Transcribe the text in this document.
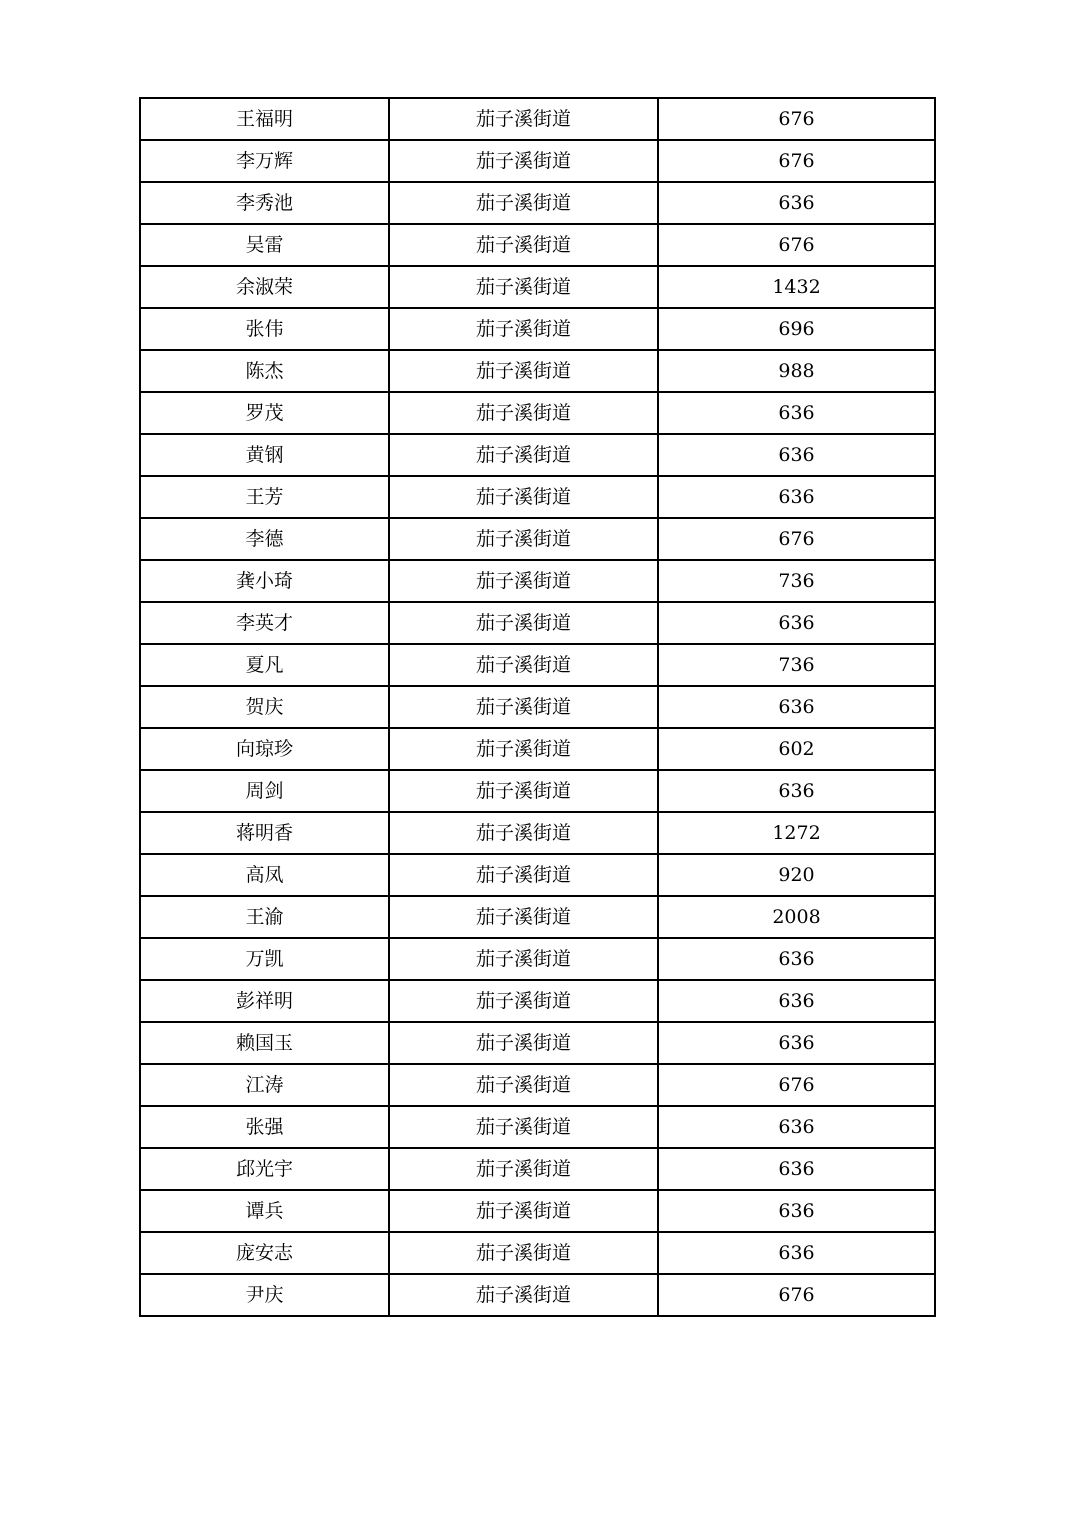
王福明	茄子溪街道	676
李万辉	茄子溪街道	676
李秀池	茄子溪街道	636
吴雷	茄子溪街道	676
余淑荣	茄子溪街道	1432
张伟	茄子溪街道	696
陈杰	茄子溪街道	988
罗茂	茄子溪街道	636
黄钢	茄子溪街道	636
王芳	茄子溪街道	636
李德	茄子溪街道	676
龚小琦	茄子溪街道	736
李英才	茄子溪街道	636
夏凡	茄子溪街道	736
贺庆	茄子溪街道	636
向琼珍	茄子溪街道	602
周剑	茄子溪街道	636
蒋明香	茄子溪街道	1272
高凤	茄子溪街道	920
王渝	茄子溪街道	2008
万凯	茄子溪街道	636
彭祥明	茄子溪街道	636
赖国玉	茄子溪街道	636
江涛	茄子溪街道	676
张强	茄子溪街道	636
邱光宇	茄子溪街道	636
谭兵	茄子溪街道	636
庞安志	茄子溪街道	636
尹庆	茄子溪街道	676
